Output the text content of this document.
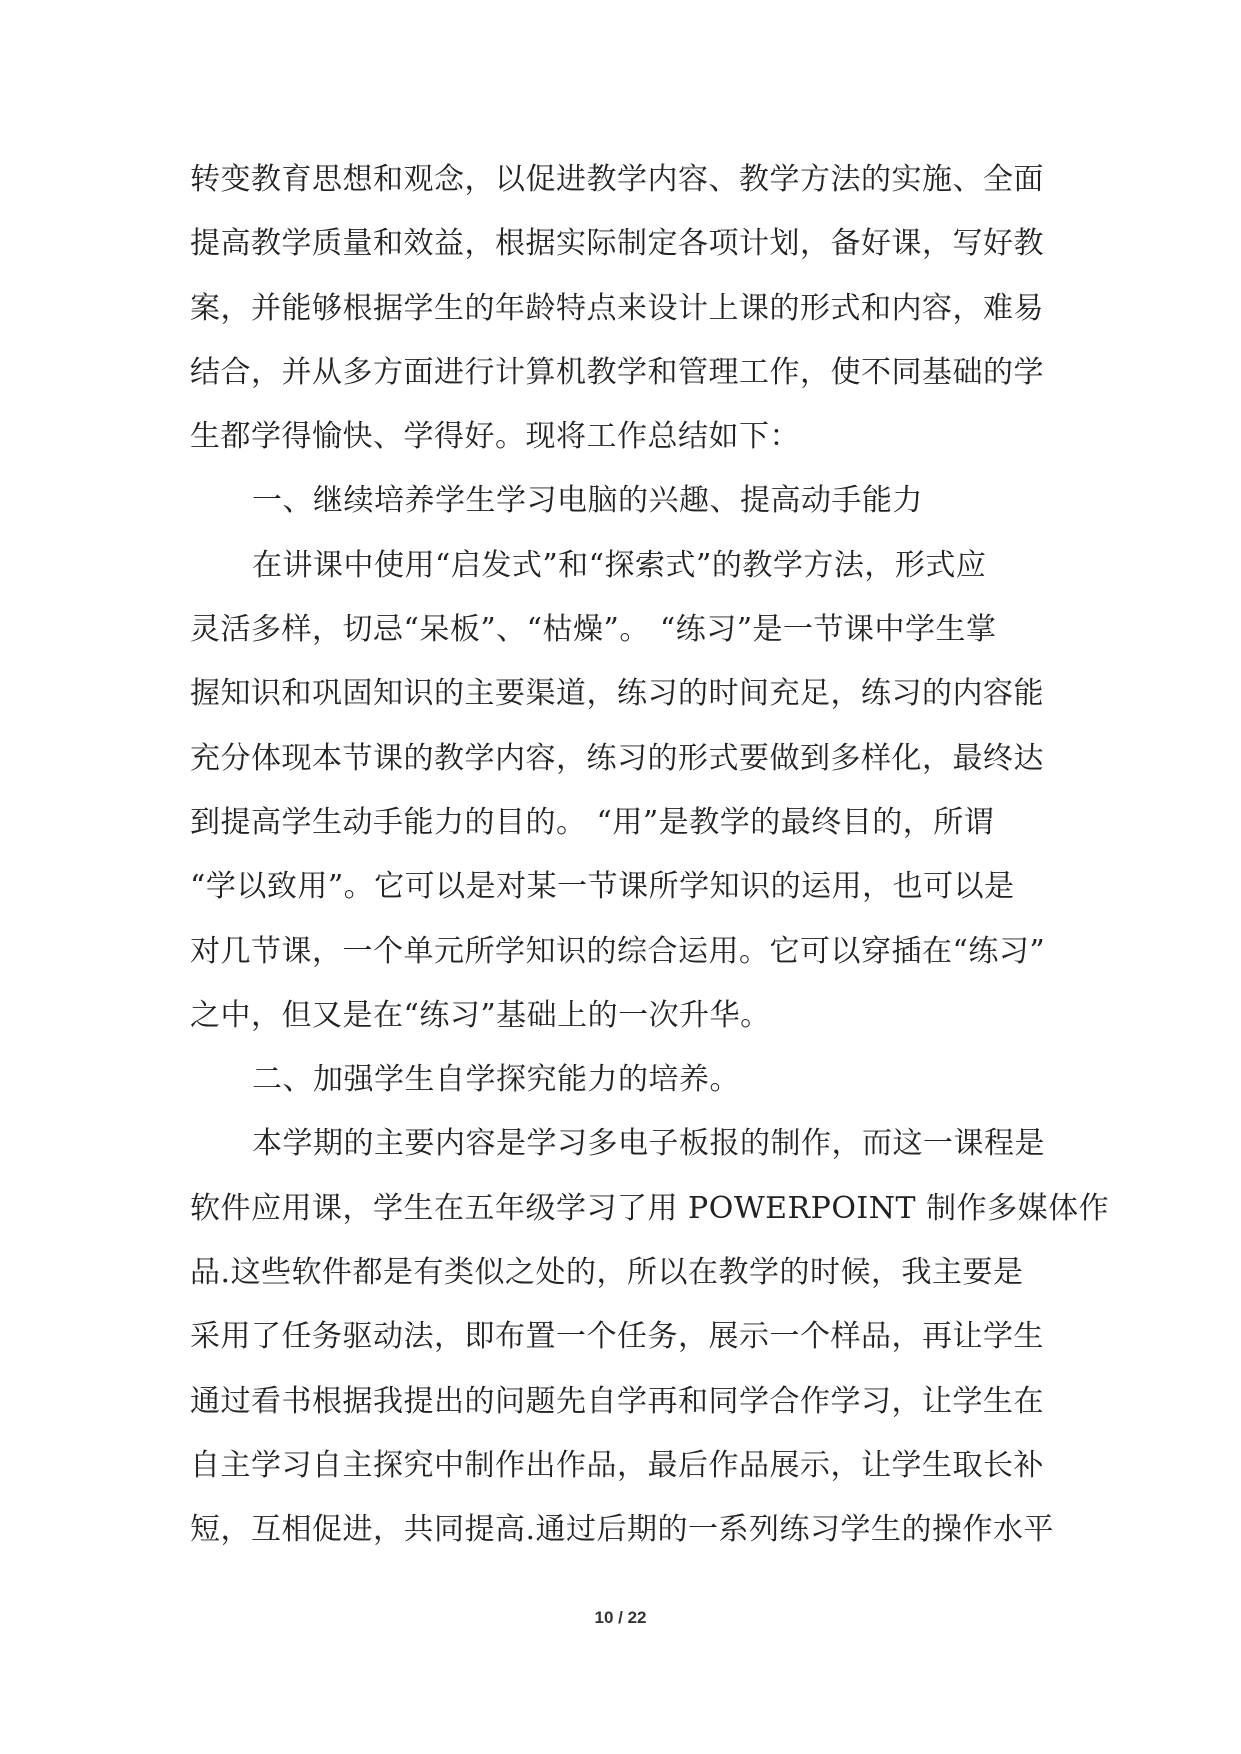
转变教育思想和观念，以促进教学内容、教学方法的实施、全面
提高教学质量和效益，根据实际制定各项计划，备好课，写好教
案，并能够根据学生的年龄特点来设计上课的形式和内容，难易
结合，并从多方面进行计算机教学和管理工作，使不同基础的学
生都学得愉快、学得好。现将工作总结如下：
一、继续培养学生学习电脑的兴趣、提高动手能力
在讲课中使用“启发式”和“探索式”的教学方法，形式应
灵活多样，切忌“呆板”、“枯燥”。 “练习”是一节课中学生掌
握知识和巩固知识的主要渠道，练习的时间充足，练习的内容能
充分体现本节课的教学内容，练习的形式要做到多样化，最终达
到提高学生动手能力的目的。 “用”是教学的最终目的，所谓
“学以致用”。它可以是对某一节课所学知识的运用，也可以是
对几节课，一个单元所学知识的综合运用。它可以穿插在“练习”
之中，但又是在“练习”基础上的一次升华。
二、加强学生自学探究能力的培养。
本学期的主要内容是学习多电子板报的制作，而这一课程是
软件应用课，学生在五年级学习了用 POWERPOINT 制作多媒体作
品.这些软件都是有类似之处的，所以在教学的时候，我主要是
采用了任务驱动法，即布置一个任务，展示一个样品，再让学生
通过看书根据我提出的问题先自学再和同学合作学习，让学生在
自主学习自主探究中制作出作品，最后作品展示，让学生取长补
短，互相促进，共同提高.通过后期的一系列练习学生的操作水平
10 / 22
